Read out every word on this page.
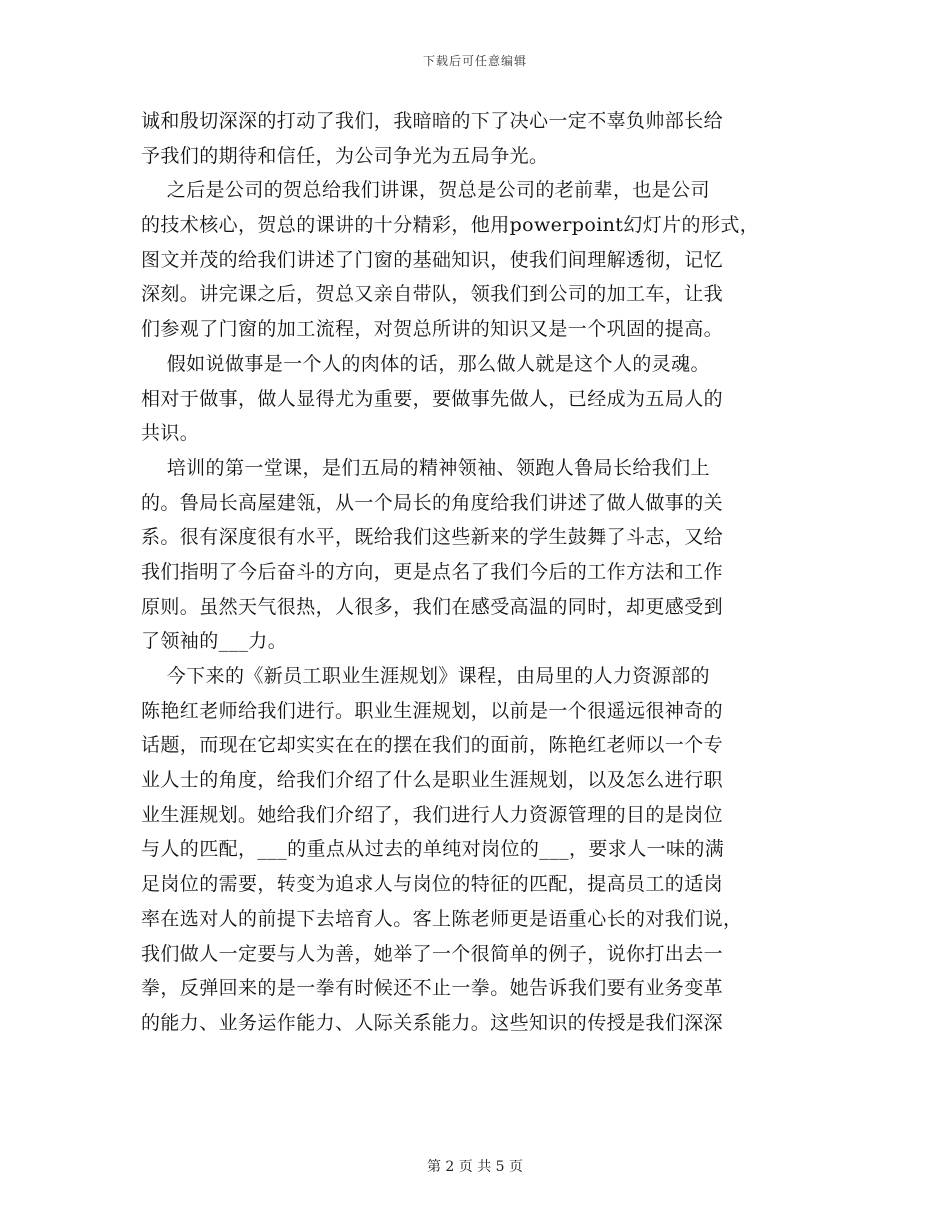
下载后可任意编辑
诚和殷切深深的打动了我们，我暗暗的下了决心一定不辜负帅部长给
予我们的期待和信任，为公司争光为五局争光。
之后是公司的贺总给我们讲课，贺总是公司的老前辈，也是公司
的技术核心，贺总的课讲的十分精彩，他用powerpoint幻灯片的形式，
图文并茂的给我们讲述了门窗的基础知识，使我们间理解透彻，记忆
深刻。讲完课之后，贺总又亲自带队，领我们到公司的加工车，让我
们参观了门窗的加工流程，对贺总所讲的知识又是一个巩固的提高。
假如说做事是一个人的肉体的话，那么做人就是这个人的灵魂。
相对于做事，做人显得尤为重要，要做事先做人，已经成为五局人的
共识。
培训的第一堂课，是们五局的精神领袖、领跑人鲁局长给我们上
的。鲁局长高屋建瓴，从一个局长的角度给我们讲述了做人做事的关
系。很有深度很有水平，既给我们这些新来的学生鼓舞了斗志，又给
我们指明了今后奋斗的方向，更是点名了我们今后的工作方法和工作
原则。虽然天气很热，人很多，我们在感受高温的同时，却更感受到
了领袖的___力。
今下来的《新员工职业生涯规划》课程，由局里的人力资源部的
陈艳红老师给我们进行。职业生涯规划，以前是一个很遥远很神奇的
话题，而现在它却实实在在的摆在我们的面前，陈艳红老师以一个专
业人士的角度，给我们介绍了什么是职业生涯规划，以及怎么进行职
业生涯规划。她给我们介绍了，我们进行人力资源管理的目的是岗位
与人的匹配，___的重点从过去的单纯对岗位的___，要求人一味的满
足岗位的需要，转变为追求人与岗位的特征的匹配，提高员工的适岗
率在选对人的前提下去培育人。客上陈老师更是语重心长的对我们说，
我们做人一定要与人为善，她举了一个很简单的例子，说你打出去一
拳，反弹回来的是一拳有时候还不止一拳。她告诉我们要有业务变革
的能力、业务运作能力、人际关系能力。这些知识的传授是我们深深
第 2 页 共 5 页
